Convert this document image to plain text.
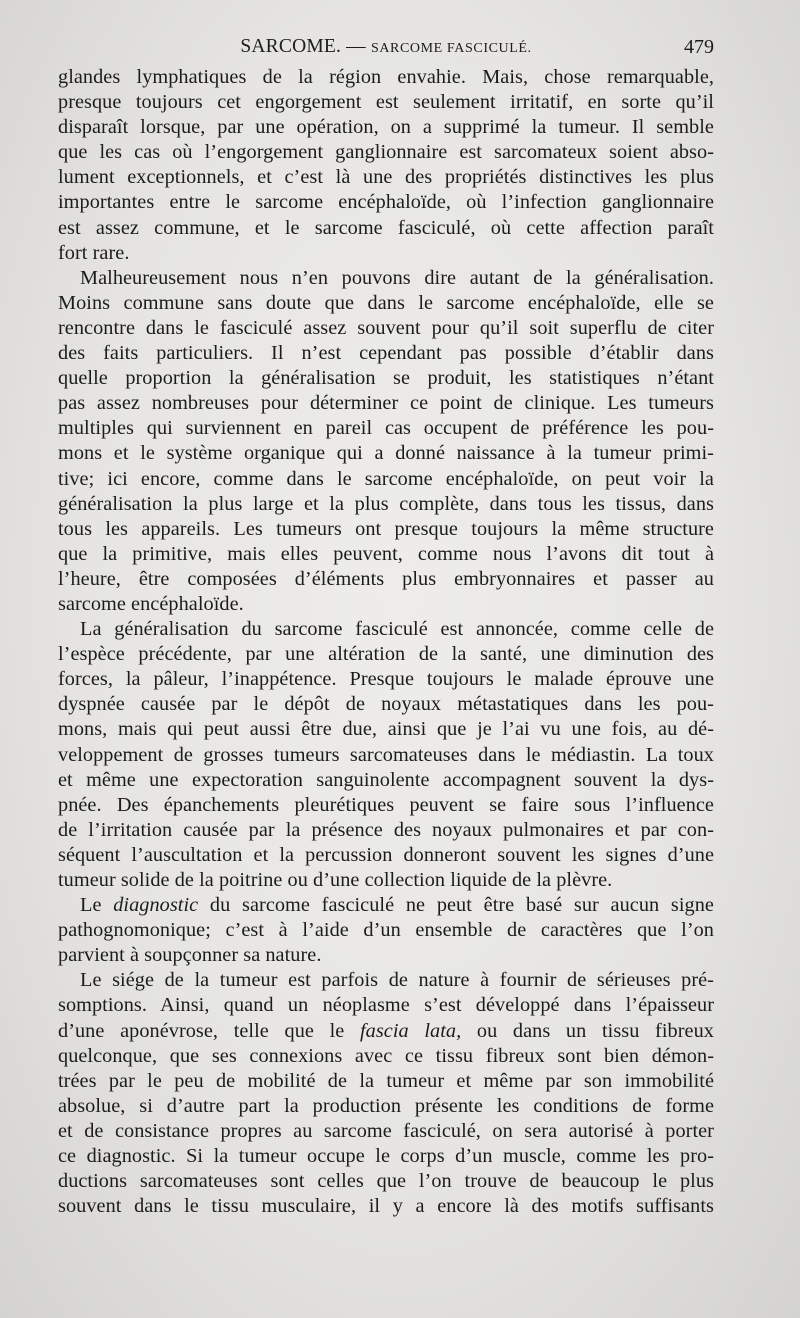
SARCOME. — SARCOME FASCICULÉ.	479
glandes lymphatiques de la région envahie. Mais, chose remarquable,
presque toujours cet engorgement est seulement irritatif, en sorte qu’il
disparaît lorsque, par une opération, on a supprimé la tumeur. Il semble
que les cas où l’engorgement ganglionnaire est sarcomateux soient abso-
lument exceptionnels, et c’est là une des propriétés distinctives les plus
importantes entre le sarcome encéphaloïde, où l’infection ganglionnaire
est assez commune, et le sarcome fasciculé, où cette affection paraît
fort rare.
Malheureusement nous n’en pouvons dire autant de la généralisation.
Moins commune sans doute que dans le sarcome encéphaloïde, elle se
rencontre dans le fasciculé assez souvent pour qu’il soit superflu de citer
des faits particuliers. Il n’est cependant pas possible d’établir dans
quelle proportion la généralisation se produit, les statistiques n’étant
pas assez nombreuses pour déterminer ce point de clinique. Les tumeurs
multiples qui surviennent en pareil cas occupent de préférence les pou-
mons et le système organique qui a donné naissance à la tumeur primi-
tive; ici encore, comme dans le sarcome encéphaloïde, on peut voir la
généralisation la plus large et la plus complète, dans tous les tissus, dans
tous les appareils. Les tumeurs ont presque toujours la même structure
que la primitive, mais elles peuvent, comme nous l’avons dit tout à
l’heure, être composées d’éléments plus embryonnaires et passer au
sarcome encéphaloïde.
La généralisation du sarcome fasciculé est annoncée, comme celle de
l’espèce précédente, par une altération de la santé, une diminution des
forces, la pâleur, l’inappétence. Presque toujours le malade éprouve une
dyspnée causée par le dépôt de noyaux métastatiques dans les pou-
mons, mais qui peut aussi être due, ainsi que je l’ai vu une fois, au dé-
veloppement de grosses tumeurs sarcomateuses dans le médiastin. La toux
et même une expectoration sanguinolente accompagnent souvent la dys-
pnée. Des épanchements pleurétiques peuvent se faire sous l’influence
de l’irritation causée par la présence des noyaux pulmonaires et par con-
séquent l’auscultation et la percussion donneront souvent les signes d’une
tumeur solide de la poitrine ou d’une collection liquide de la plèvre.
Le diagnostic du sarcome fasciculé ne peut être basé sur aucun signe
pathognomonique; c’est à l’aide d’un ensemble de caractères que l’on
parvient à soupçonner sa nature.
Le siége de la tumeur est parfois de nature à fournir de sérieuses pré-
somptions. Ainsi, quand un néoplasme s’est développé dans l’épaisseur
d’une aponévrose, telle que le fascia lata, ou dans un tissu fibreux
quelconque, que ses connexions avec ce tissu fibreux sont bien démon-
trées par le peu de mobilité de la tumeur et même par son immobilité
absolue, si d’autre part la production présente les conditions de forme
et de consistance propres au sarcome fasciculé, on sera autorisé à porter
ce diagnostic. Si la tumeur occupe le corps d’un muscle, comme les pro-
ductions sarcomateuses sont celles que l’on trouve de beaucoup le plus
souvent dans le tissu musculaire, il y a encore là des motifs suffisants
